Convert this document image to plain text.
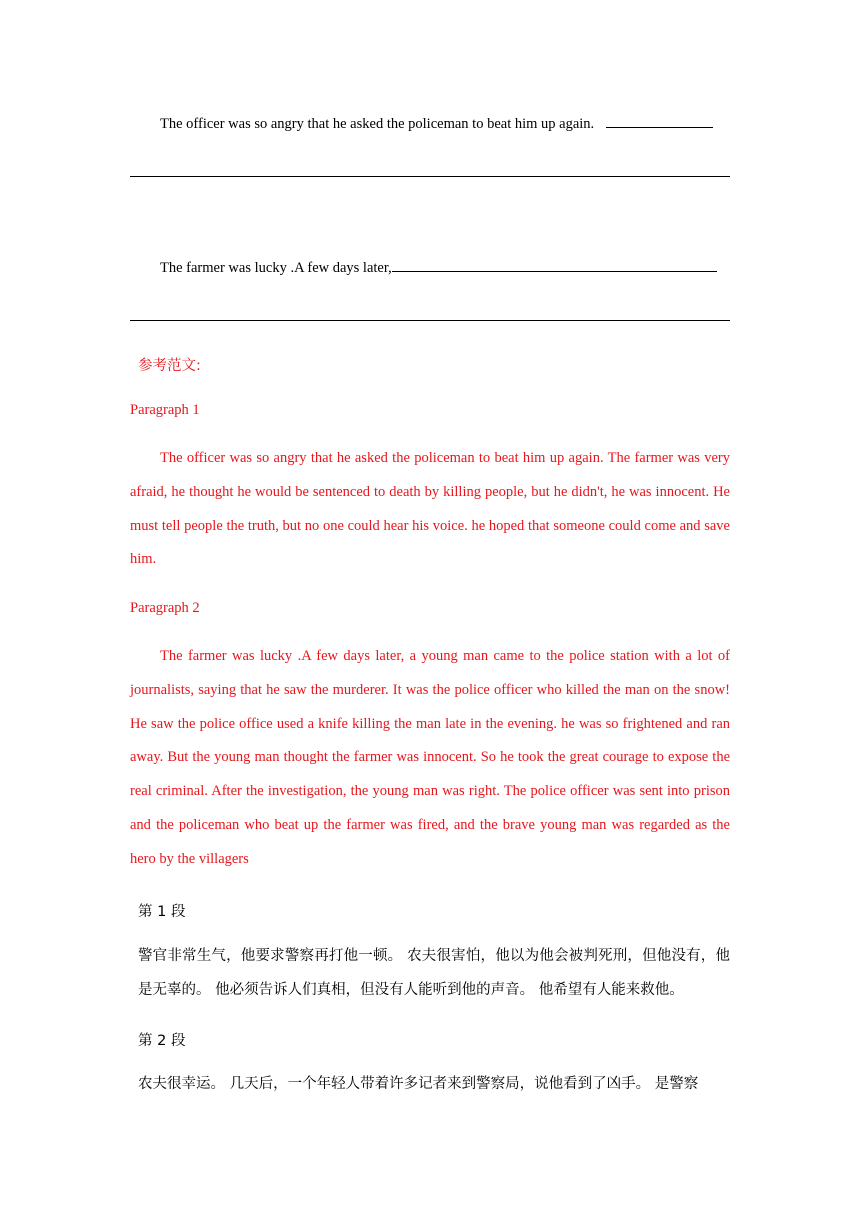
The officer was so angry that he asked the policeman to beat him up again.
The farmer was lucky .A few days later,
参考范文:
Paragraph 1
The officer was so angry that he asked the policeman to beat him up again. The farmer was very afraid, he thought he would be sentenced to death by killing people, but he didn't, he was innocent. He must tell people the truth, but no one could hear his voice. he hoped that someone could come and save him.
Paragraph 2
The farmer was lucky .A few days later, a young man came to the police station with a lot of journalists, saying that he saw the murderer. It was the police officer who killed the man on the snow! He saw the police office used a knife killing the man late in the evening. he was so frightened and ran away. But the young man thought the farmer was innocent. So he took the great courage to expose the real criminal. After the investigation, the young man was right. The police officer was sent into prison and the policeman who beat up the farmer was fired, and the brave young man was regarded as the hero by the villagers
第 1 段
警官非常生气，他要求警察再打他一顿。 农夫很害怕，他以为他会被判死刑，但他没有，他是无辜的。 他必须告诉人们真相，但没有人能听到他的声音。 他希望有人能来救他。
第 2 段
农夫很幸运。 几天后，一个年轻人带着许多记者来到警察局，说他看到了凶手。 是警察
